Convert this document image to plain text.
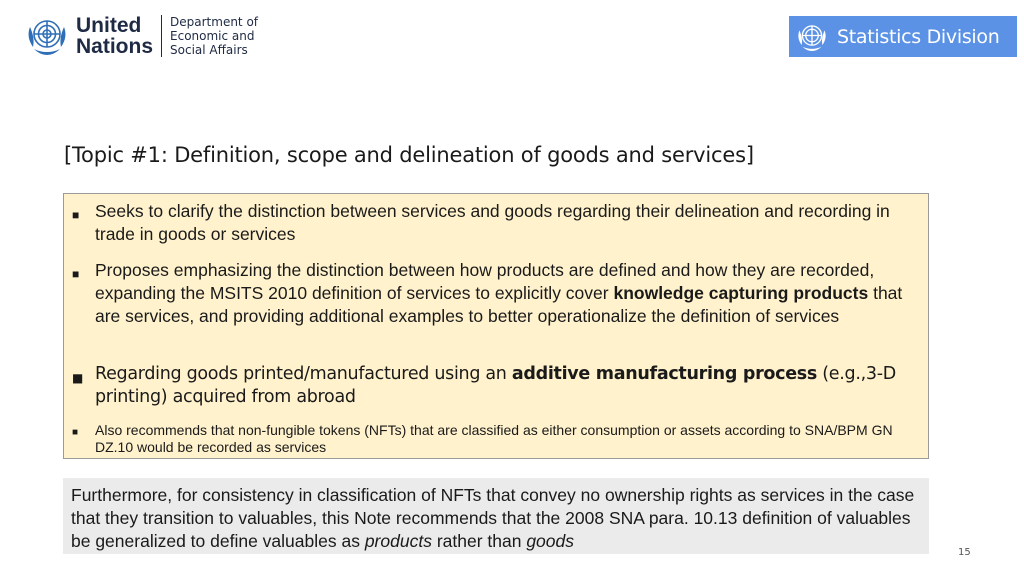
United
Nations
Department of
Economic and
Social Affairs
Statistics Division
[Topic #1: Definition, scope and delineation of goods and services]
■ Seeks to clarify the distinction between services and goods regarding their delineation and recording in trade in goods or services
■ Proposes emphasizing the distinction between how products are defined and how they are recorded, expanding the MSITS 2010 definition of services to explicitly cover knowledge capturing products that are services, and providing additional examples to better operationalize the definition of services
■ Regarding goods printed/manufactured using an additive manufacturing process (e.g.,3-D printing) acquired from abroad
■ Also recommends that non-fungible tokens (NFTs) that are classified as either consumption or assets according to SNA/BPM GN DZ.10 would be recorded as services
Furthermore, for consistency in classification of NFTs that convey no ownership rights as services in the case that they transition to valuables, this Note recommends that the 2008 SNA para. 10.13 definition of valuables be generalized to define valuables as products rather than goods
15
